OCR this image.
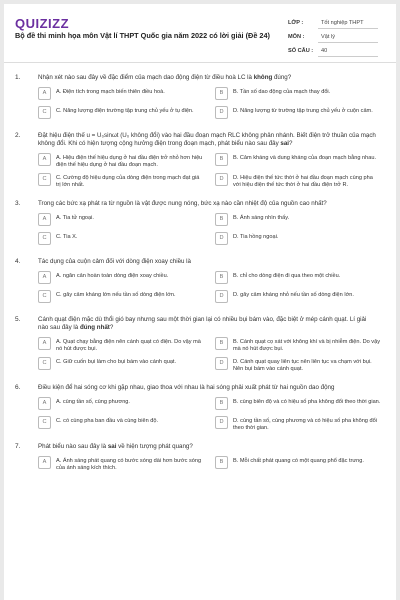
QUIZIZZ
Bộ đề thi minh họa môn Vật lí THPT Quốc gia năm 2022 có lời giải (Đề 24)
LỚP :	Tốt nghiệp THPT
MÔN :	Vật lý
SỐ CÂU :	40
1.	Nhận xét nào sau đây về đặc điểm của mạch dao động điện từ điều hoà LC là không đúng?
A	A. Điện tích trong mạch biến thiên điều hoà.	B	B. Tần số dao động của mạch thay đổi.
C	C. Năng lượng điện trường tập trung chủ yếu ở tụ điện.	D	D. Năng lượng từ trường tập trung chủ yếu ở cuộn cảm.
2.	Đặt hiệu điện thế u = U₀sinωt (U₀ không đổi) vào hai đầu đoạn mạch RLC không phân nhánh. Biết điện trở thuần của mạch không đổi. Khi có hiện tượng cộng hưởng điện trong đoạn mạch, phát biểu nào sau đây sai?
A	A. Hiệu điện thế hiệu dụng ở hai đầu điện trở nhỏ hơn hiệu điện thế hiệu dụng ở hai đầu đoạn mạch.
B	B. Cảm kháng và dung kháng của đoạn mạch bằng nhau.
C	C. Cường độ hiệu dụng của dòng điện trong mạch đạt giá trị lớn nhất.
D	D. Hiệu điện thế tức thời ở hai đầu đoạn mạch cùng pha với hiệu điện thế tức thời ở hai đầu điện trở R.
3.	Trong các bức xạ phát ra từ nguồn là vật được nung nóng, bức xạ nào cần nhiệt độ của nguồn cao nhất?
A	A. Tia tử ngoại.	B	B. Ánh sáng nhìn thấy.
C	C. Tia X.	D	D. Tia hồng ngoại.
4.	Tác dụng của cuộn cảm đối với dòng điện xoay chiều là
A	A. ngăn cản hoàn toàn dòng điện xoay chiều.	B	B. chỉ cho dòng điện đi qua theo một chiều.
C	C. gây cảm kháng lớn nếu tần số dòng điện lớn.	D	D. gây cảm kháng nhỏ nếu tần số dòng điện lớn.
5.	Cánh quạt điện mặc dù thổi gió bay nhưng sau một thời gian lại có nhiều bụi bám vào, đặc biệt ở mép cánh quạt. Lí giải nào sau đây là đúng nhất?
A	A. Quạt chạy bằng điện nên cánh quạt có điện. Do vậy mà nó hút được bụi.
B	B. Cánh quạt cọ xát với không khí và bị nhiễm điện. Do vậy mà nó hút được bụi.
C	C. Giữ cuốn bụi làm cho bụi bám vào cánh quạt.	D	D. Cánh quạt quay liên tục nên liên tục va chạm với bụi. Nên bụi bám vào cánh quạt.
6.	Điều kiện để hai sóng cơ khi gặp nhau, giao thoa với nhau là hai sóng phải xuất phát từ hai nguồn dao động
A	A. cùng tần số, cùng phương.	B	B. cùng biên độ và có hiệu số pha không đổi theo thời gian.
C	C. có cùng pha ban đầu và cùng biên độ.	D	D. cùng tần số, cùng phương và có hiệu số pha không đổi theo thời gian.
7.	Phát biểu nào sau đây là sai về hiện tượng phát quang?
A	A. Ánh sáng phát quang có bước sóng dài hơn bước sóng của ánh sáng kích thích.
B	B. Mỗi chất phát quang có một quang phổ đặc trưng.
